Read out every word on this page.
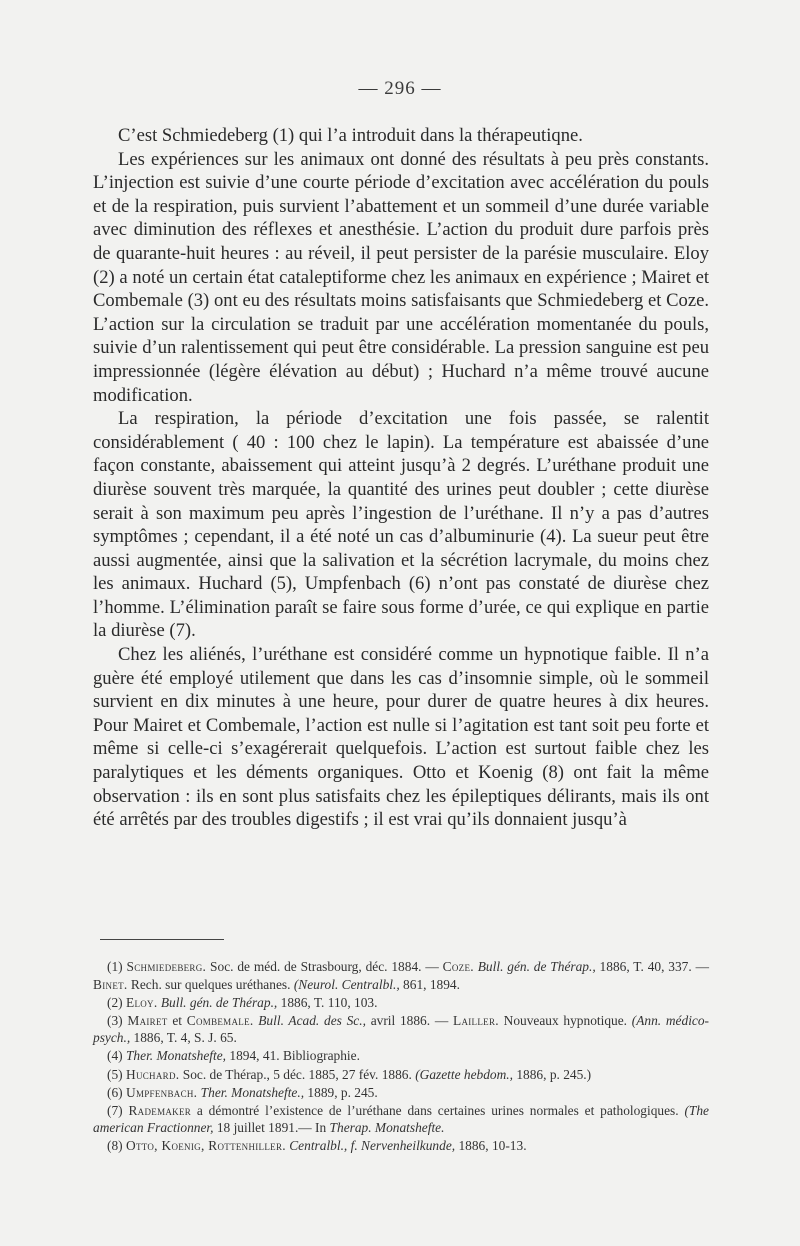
— 296 —

C’est Schmiedeberg (1) qui l’a introduit dans la thérapeutiqne.

Les expériences sur les animaux ont donné des résultats à peu près constants. L’injection est suivie d’une courte période d’excitation avec accélération du pouls et de la respiration, puis survient l’abattement et un sommeil d’une durée variable avec diminution des réflexes et anesthésie. L’action du produit dure parfois près de quarante-huit heures : au réveil, il peut persister de la parésie musculaire. Eloy (2) a noté un certain état cataleptiforme chez les animaux en expérience ; Mairet et Combemale (3) ont eu des résultats moins satisfaisants que Schmiedeberg et Coze. L’action sur la circulation se traduit par une accélération momentanée du pouls, suivie d’un ralentissement qui peut être considérable. La pression sanguine est peu impressionnée (légère élévation au début) ; Huchard n’a même trouvé aucune modification.

La respiration, la période d’excitation une fois passée, se ralentit considérablement ( 40 : 100 chez le lapin). La température est abaissée d’une façon constante, abaissement qui atteint jusqu’à 2 degrés. L’uréthane produit une diurèse souvent très marquée, la quantité des urines peut doubler ; cette diurèse serait à son maximum peu après l’ingestion de l’uréthane. Il n’y a pas d’autres symptômes ; cependant, il a été noté un cas d’albuminurie (4). La sueur peut être aussi augmentée, ainsi que la salivation et la sécrétion lacrymale, du moins chez les animaux. Huchard (5), Umpfenbach (6) n’ont pas constaté de diurèse chez l’homme. L’élimination paraît se faire sous forme d’urée, ce qui explique en partie la diurèse (7).

Chez les aliénés, l’uréthane est considéré comme un hypnotique faible. Il n’a guère été employé utilement que dans les cas d’insomnie simple, où le sommeil survient en dix minutes à une heure, pour durer de quatre heures à dix heures. Pour Mairet et Combemale, l’action est nulle si l’agitation est tant soit peu forte et même si celle-ci s’exagérerait quelquefois. L’action est surtout faible chez les paralytiques et les déments organiques. Otto et Koenig (8) ont fait la même observation : ils en sont plus satisfaits chez les épileptiques délirants, mais ils ont été arrêtés par des troubles digestifs ; il est vrai qu’ils donnaient jusqu’à

(1) Schmiedeberg. Soc. de méd. de Strasbourg, déc. 1884. — Coze. Bull. gén. de Thérap., 1886, T. 40, 337. — Binet. Rech. sur quelques uréthanes. (Neurol. Centralbl., 861, 1894.

(2) Eloy. Bull. gén. de Thérap., 1886, T. 110, 103.

(3) Mairet et Combemale. Bull. Acad. des Sc., avril 1886. — Lailler. Nouveaux hypnotique. (Ann. médico-psych., 1886, T. 4, S. J. 65.

(4) Ther. Monatshefte, 1894, 41. Bibliographie.

(5) Huchard. Soc. de Thérap., 5 déc. 1885, 27 fév. 1886. (Gazette hebdom., 1886, p. 245.)

(6) Umpfenbach. Ther. Monatshefte., 1889, p. 245.

(7) Rademaker a démontré l’existence de l’uréthane dans certaines urines normales et pathologiques. (The american Fractionner, 18 juillet 1891.— In Therap. Monatshefte.

(8) Otto, Koenig, Rottenhiller. Centralbl., f. Nervenheilkunde, 1886, 10-13.
